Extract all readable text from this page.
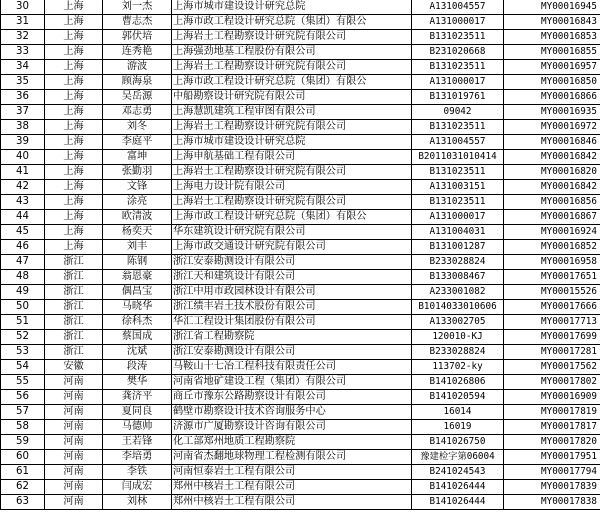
30	上海	刘一杰	上海市城市建设设计研究总院	A131004557	MY00016945
31	上海	曹志杰	上海市政工程设计研究总院（集团）有限公	A131000017	MY00016843
32	上海	郭伏培	上海岩土工程勘察设计研究院有限公司	B131023511	MY00016853
33	上海	连秀艳	上海强劲地基工程股份有限公司	B231020668	MY00016855
34	上海	游波	上海岩土工程勘察设计研究院有限公司	B131023511	MY00016957
35	上海	顾海泉	上海市政工程设计研究总院（集团）有限公	A131000017	MY00016850
36	上海	吴岳源	中船勘察设计研究院有限公司	B131019761	MY00016866
37	上海	邓志勇	上海慧凯建筑工程审图有限公司	09042	MY00016935
38	上海	刘冬	上海岩土工程勘察设计研究院有限公司	B131023511	MY00016972
39	上海	李庭平	上海市城市建设设计研究总院	A131004557	MY00016846
40	上海	富坤	上海申航基础工程有限公司	B2011031010414	MY00016842
41	上海	张勤羽	上海岩土工程勘察设计研究院有限公司	B131023511	MY00016820
42	上海	文锋	上海电力设计院有限公司	A131003151	MY00016842
43	上海	涂亮	上海岩土工程勘察设计研究院有限公司	B131023511	MY00016856
44	上海	欧清波	上海市政工程设计研究总院（集团）有限公	A131000017	MY00016867
45	上海	杨奕天	华东建筑设计研究院有限公司	A131004031	MY00016924
46	上海	刘丰	上海市政交通设计研究院有限公司	B131001287	MY00016852
47	浙江	陈钢	浙江安泰勘测设计有限公司	B233028824	MY00016958
48	浙江	翁恩豪	浙江天和建筑设计有限公司	B133008467	MY00017651
49	浙江	偶昌宝	浙江中用市政园林设计有限公司	A233001082	MY00015526
50	浙江	马晓华	浙江绩丰岩土技术股份有限公司	B1014033010606	MY00017666
51	浙江	徐科杰	华汇工程设计集团股份有限公司	A133002705	MY00017713
52	浙江	蔡国成	浙江省工程勘察院	120010-KJ	MY00017699
53	浙江	沈斌	浙江安泰勘测设计有限公司	B233028824	MY00017281
54	安徽	段涛	马鞍山十七冶工程科技有限责任公司	113702-ky	MY00017562
55	河南	樊华	河南省地矿建设工程（集团）有限公司	B141026806	MY00017802
56	河南	龚济平	商丘市豫东公路勘察设计有限公司	B141020594	MY00016909
57	河南	夏同良	鹤壁市勘察设计技术咨询服务中心	16014	MY00017819
58	河南	马德帅	济源市广厦勘察设计咨询有限公司	16019	MY00017817
59	河南	王若锋	化工部郑州地质工程勘察院	B141026750	MY00017820
60	河南	李培勇	河南省杰翻地球物理工程检测有限公司	豫建检字第06004	MY00017951
61	河南	李铁	河南恒泰岩土工程有限公司	B241024543	MY00017794
62	河南	闫成宏	郑州中核岩土工程有限公司	B141026444	MY00017839
63	河南	刘林	郑州中核岩土工程有限公司	B141026444	MY00017838
